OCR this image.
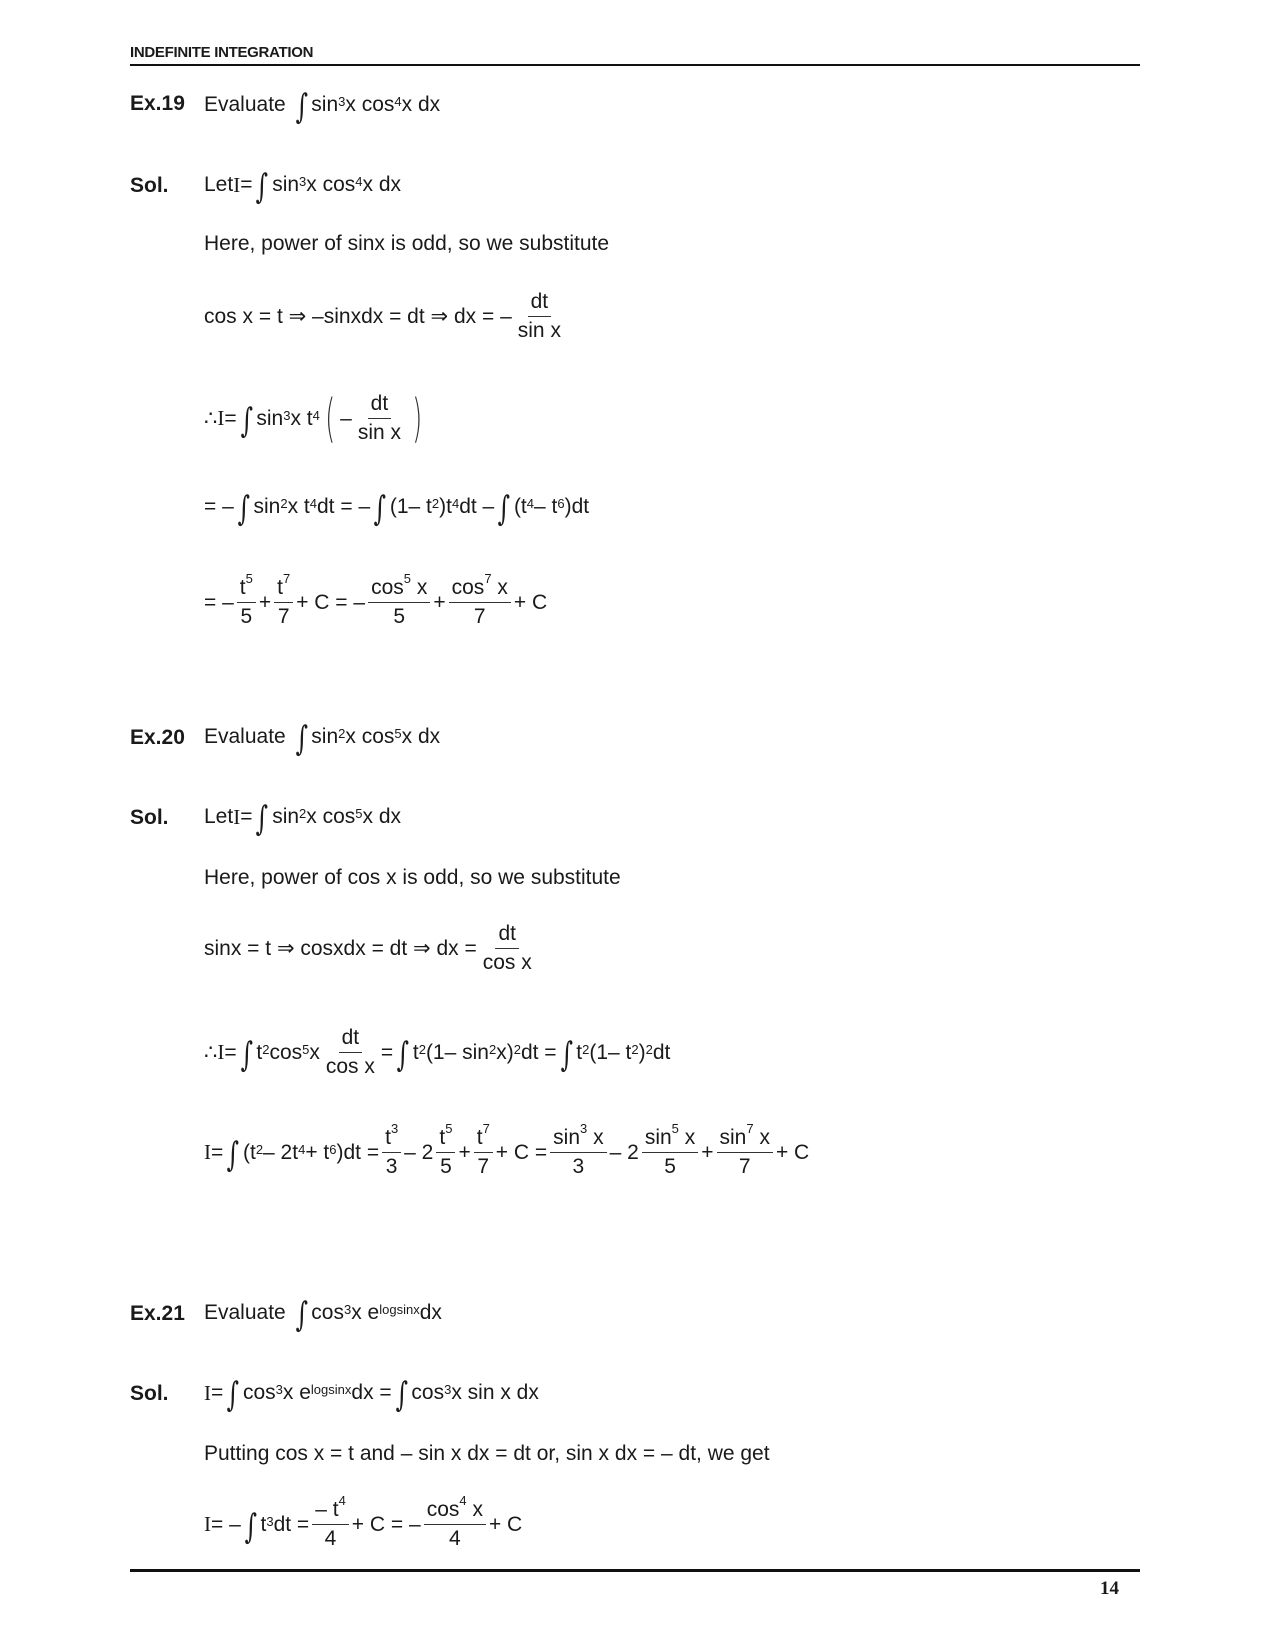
INDEFINITE INTEGRATION
Ex.19 Evaluate
∫ $\sin^3 x$ $\cos^4 x$ dx
Sol. Let I = ∫ $\sin^3 x$ $\cos^4 x$ dx
Here, power of sinx is odd, so we substitute
cos x = t ⇒ –sinxdx = dt ⇒ dx = – $\frac{dt}{\text{sin x}}$
∴ I = ∫ $\sin^3 x$ $t^4$ ( – $\frac{dt}{\text{sin x}}$ )
= – ∫ $\sin^2 x$ $t^4$ dt = – ∫ (1– $t^2$ )$t^4$ dt – ∫ ($t^4 - t^6$ )dt
= – $\frac{t^5}{5} + \frac{t^7}{7} + C$ = – $\frac{\cos^5 x}{5} + \frac{\cos^7 x}{7} + C$
Ex.20 Evaluate
∫ $\sin^2 x$ $\cos^5 x$ dx
Sol. Let I = ∫ $\sin^2 x$ $\cos^5 x$ dx
Here, power of cos x is odd, so we substitute
sinx = t ⇒ cosxdx = dt ⇒ dx = $\frac{dt}{\text{cos x}}$
∴ I = ∫ $t^2$ $\cos^5 x \frac{dt}{\text{cos x}}$ = ∫ $t^2$ (1– $\sin^2 x)^2$ dt = ∫ $t^2$ (1– $t^2$ )$^2$ dt
I = ∫ ($t^2 - 2t^4 + t^6$ )$dt = \frac{t^3}{3} - 2 \frac{t^5}{5} + \frac{t^7}{7} + C = \frac{\sin^3 x}{3} - 2 \frac{\sin^5 x}{5} + \frac{\sin^7 x}{7} + C$
Ex.21 Evaluate
∫ $\cos^3 x$ $e^{logsinx}$ dx
Sol. I = ∫ $\cos^3 x$ $e^{logsinx}$ dx = ∫ $\cos^3 x$ sin x dx
Putting cos x = t and – sin x dx = dt or, sin x dx = – dt, we get
I = – ∫ $t^3$ dt = $\frac{- t^4}{4} + C$ = – $\frac{\cos^4 x}{4} + C$
14
